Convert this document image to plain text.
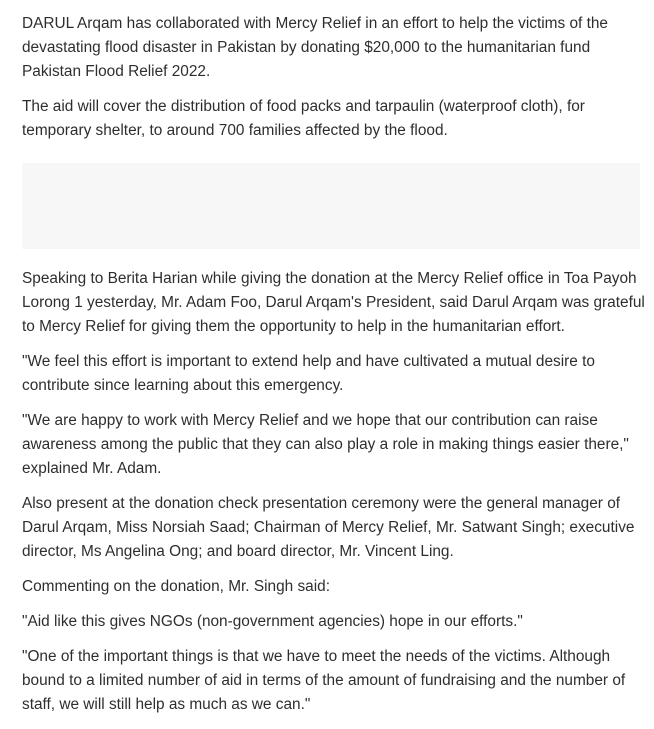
DARUL Arqam has collaborated with Mercy Relief in an effort to help the victims of the
devastating flood disaster in Pakistan by donating $20,000 to the humanitarian fund
Pakistan Flood Relief 2022.

The aid will cover the distribution of food packs and tarpaulin (waterproof cloth), for
temporary shelter, to around 700 families affected by the flood.

Speaking to Berita Harian while giving the donation at the Mercy Relief office in Toa Payoh
Lorong 1 yesterday, Mr. Adam Foo, Darul Arqam's President, said Darul Arqam was grateful
to Mercy Relief for giving them the opportunity to help in the humanitarian effort.

"We feel this effort is important to extend help and have cultivated a mutual desire to
contribute since learning about this emergency.

"We are happy to work with Mercy Relief and we hope that our contribution can raise
awareness among the public that they can also play a role in making things easier there,"
explained Mr. Adam.

Also present at the donation check presentation ceremony were the general manager of
Darul Arqam, Miss Norsiah Saad; Chairman of Mercy Relief, Mr. Satwant Singh; executive
director, Ms Angelina Ong; and board director, Mr. Vincent Ling.

Commenting on the donation, Mr. Singh said:

"Aid like this gives NGOs (non-government agencies) hope in our efforts."

"One of the important things is that we have to meet the needs of the victims. Although
bound to a limited number of aid in terms of the amount of fundraising and the number of
staff, we will still help as much as we can."
